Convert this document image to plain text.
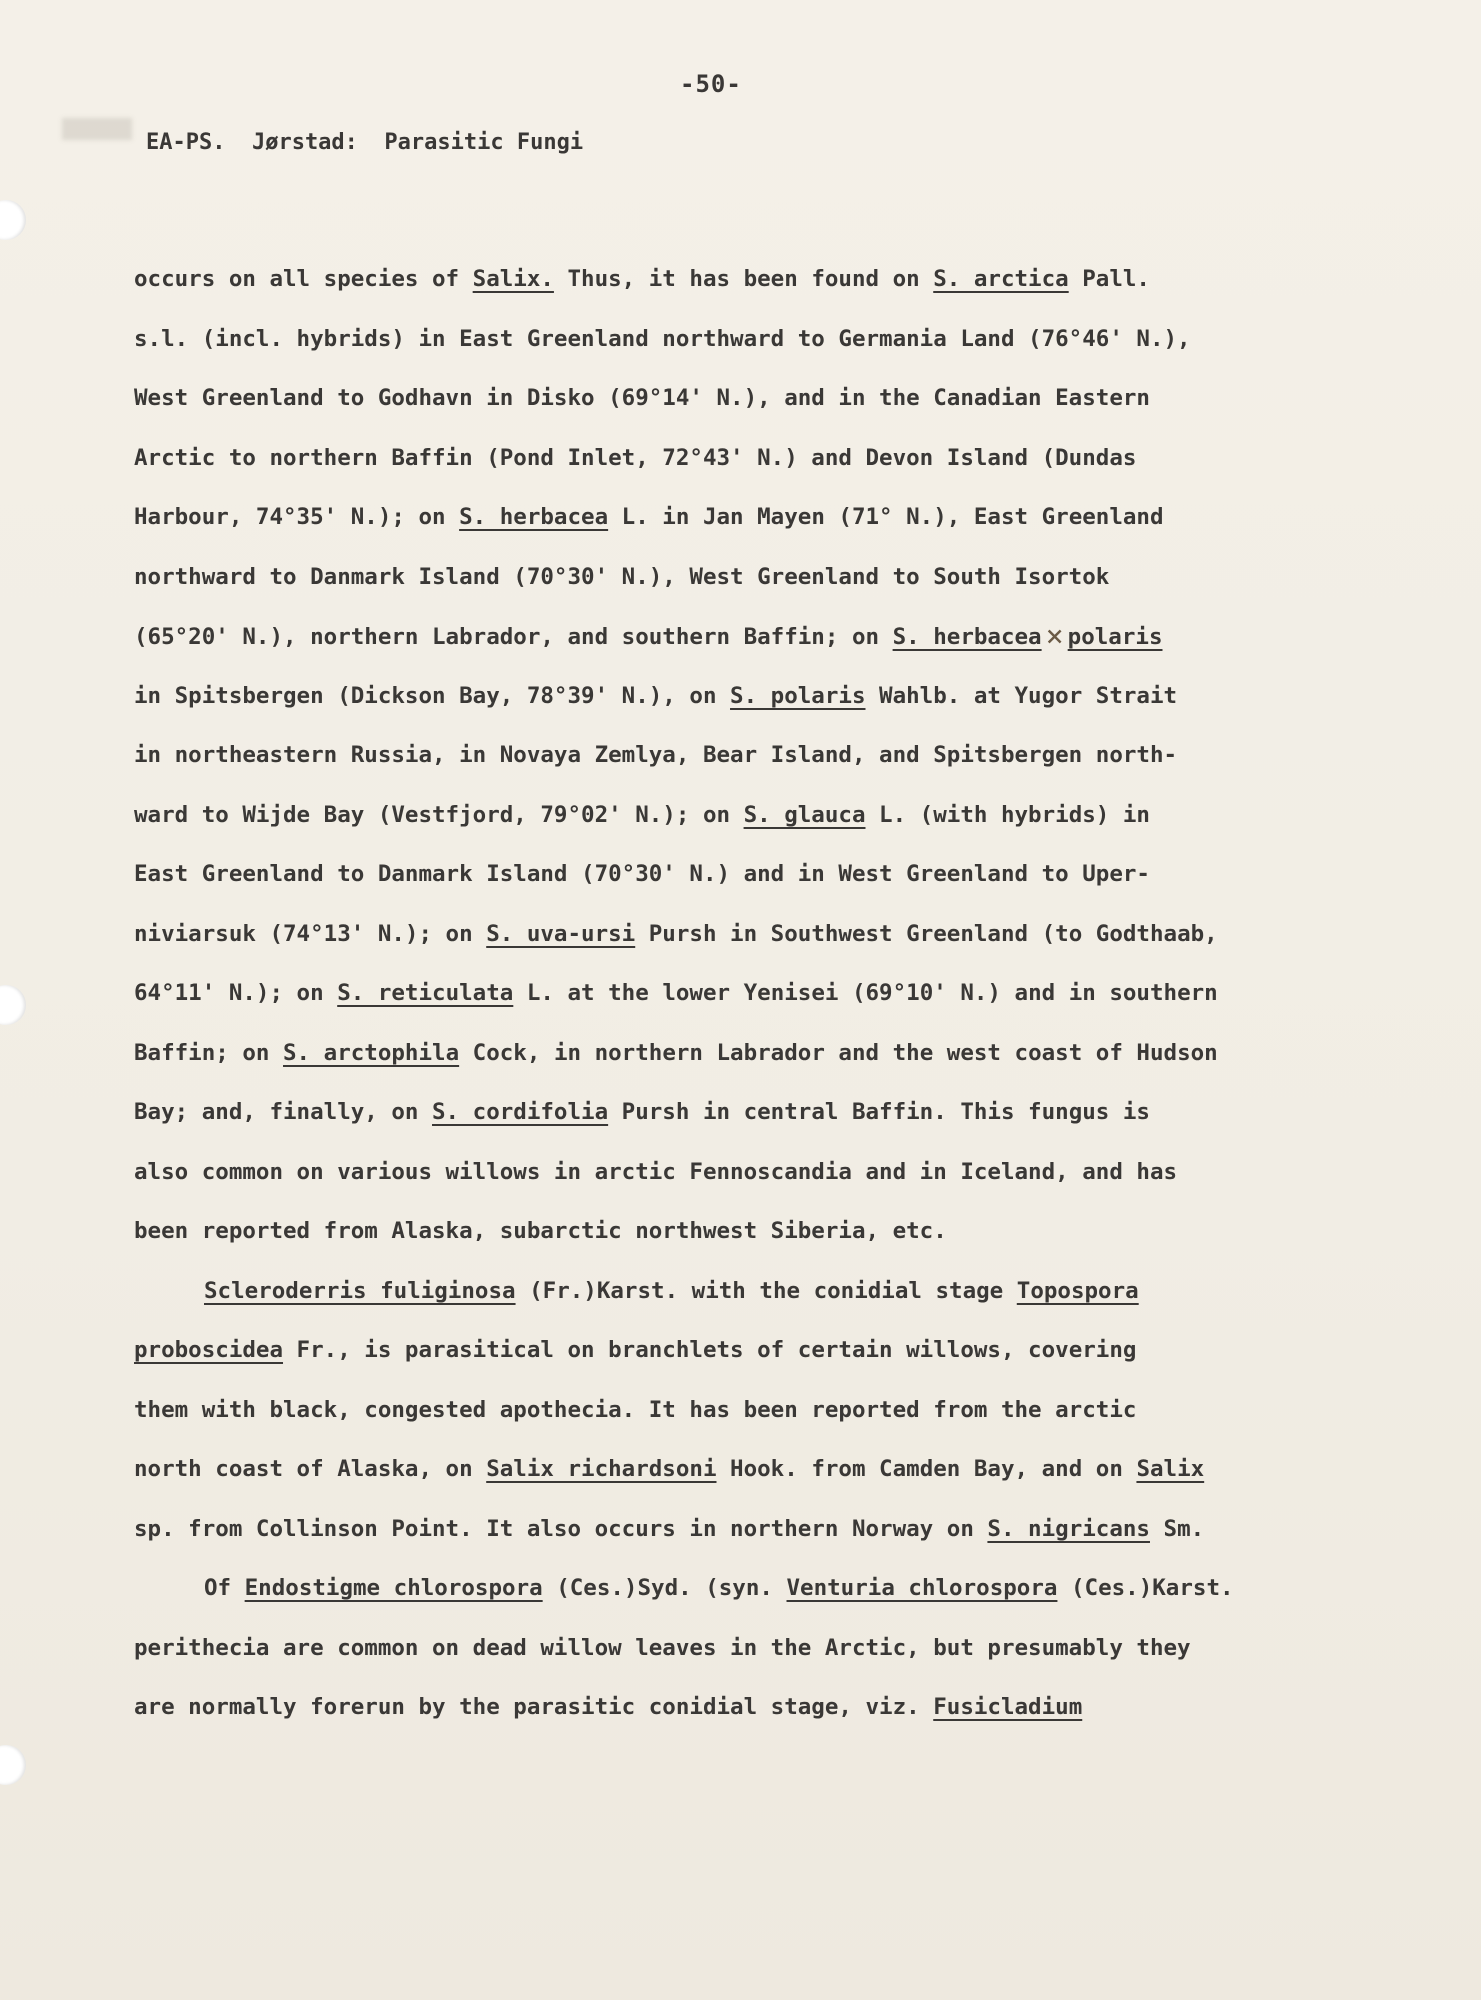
-50-
EA-PS.  Jørstad:  Parasitic Fungi
occurs on all species of Salix. Thus, it has been found on S. arctica Pall.
s.l. (incl. hybrids) in East Greenland northward to Germania Land (76°46' N.),
West Greenland to Godhavn in Disko (69°14' N.), and in the Canadian Eastern
Arctic to northern Baffin (Pond Inlet, 72°43' N.) and Devon Island (Dundas
Harbour, 74°35' N.); on S. herbacea L. in Jan Mayen (71° N.), East Greenland
northward to Danmark Island (70°30' N.), West Greenland to South Isortok
(65°20' N.), northern Labrador, and southern Baffin; on S. herbacea × polaris
in Spitsbergen (Dickson Bay, 78°39' N.), on S. polaris Wahlb. at Yugor Strait
in northeastern Russia, in Novaya Zemlya, Bear Island, and Spitsbergen north-
ward to Wijde Bay (Vestfjord, 79°02' N.); on S. glauca L. (with hybrids) in
East Greenland to Danmark Island (70°30' N.) and in West Greenland to Uper-
niviarsuk (74°13' N.); on S. uva-ursi Pursh in Southwest Greenland (to Godthaab,
64°11' N.); on S. reticulata L. at the lower Yenisei (69°10' N.) and in southern
Baffin; on S. arctophila Cock, in northern Labrador and the west coast of Hudson
Bay; and, finally, on S. cordifolia Pursh in central Baffin. This fungus is
also common on various willows in arctic Fennoscandia and in Iceland, and has
been reported from Alaska, subarctic northwest Siberia, etc.
Scleroderris fuliginosa (Fr.)Karst. with the conidial stage Topospora
proboscidea Fr., is parasitical on branchlets of certain willows, covering
them with black, congested apothecia. It has been reported from the arctic
north coast of Alaska, on Salix richardsoni Hook. from Camden Bay, and on Salix
sp. from Collinson Point. It also occurs in northern Norway on S. nigricans Sm.
Of Endostigme chlorospora (Ces.)Syd. (syn. Venturia chlorospora (Ces.)Karst.
perithecia are common on dead willow leaves in the Arctic, but presumably they
are normally forerun by the parasitic conidial stage, viz. Fusicladium
